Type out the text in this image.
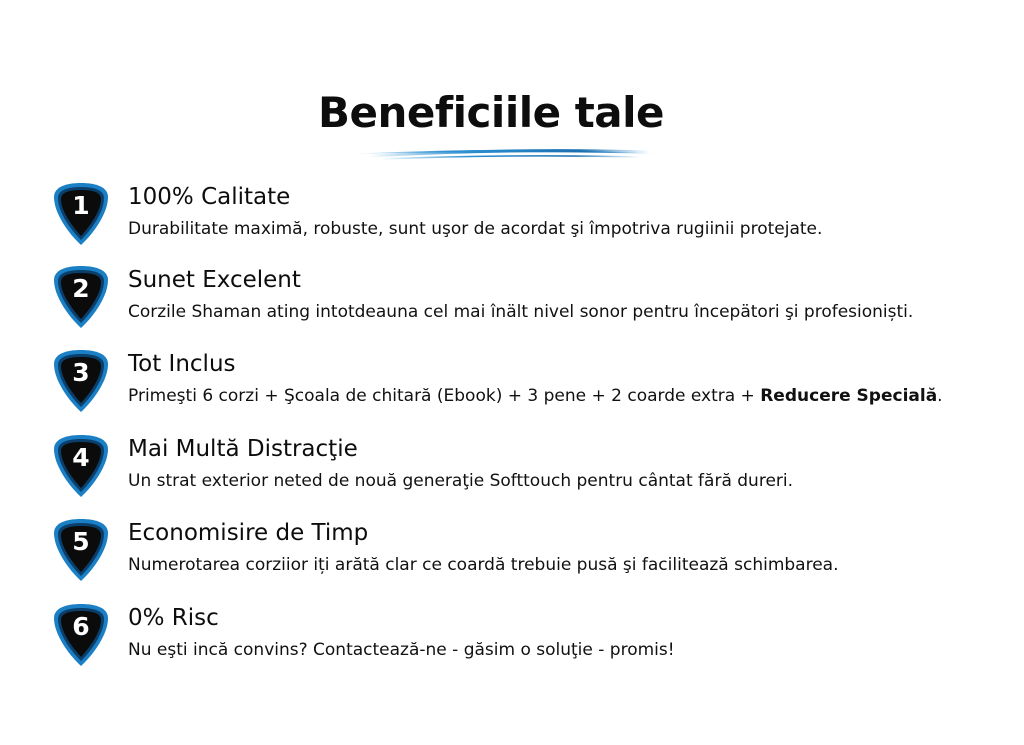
Beneficiile tale
1	100% Calitate
Durabilitate maximă, robuste, sunt uşor de acordat şi împotriva rugiinii protejate.
2	Sunet Excelent
Corzile Shaman ating intotdeauna cel mai înält nivel sonor pentru începätori şi profesioniști.
3	Tot Inclus
Primeşti 6 corzi + Şcoala de chitară (Ebook) + 3 pene + 2 coarde extra + Reducere Specială.
4	Mai Multă Distracţie
Un strat exterior neted de nouă generaţie Softtouch pentru cântat fără dureri.
5	Economisire de Timp
Numerotarea corziior iți arătă clar ce coardă trebuie pusă şi facilitează schimbarea.
6	0% Risc
Nu eşti incă convins? Contactează-ne - găsim o soluţie - promis!
